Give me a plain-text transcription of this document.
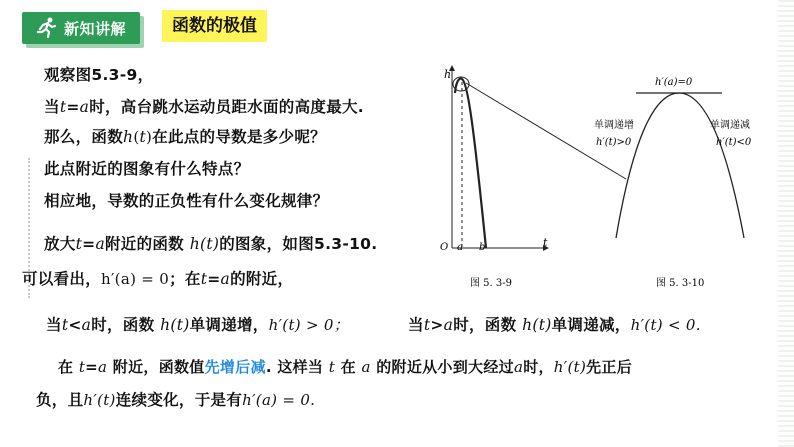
新知讲解	函数的极值
观察图5.3-9，
当t=a时，高台跳水运动员距水面的高度最大.
那么，函数h(t)在此点的导数是多少呢？
此点附近的图象有什么特点？
相应地，导数的正负性有什么变化规律？
放大t=a附近的函数 h(t)的图象，如图5.3-10.
可以看出，h′(a) = 0；在t=a的附近，
当t<a时，函数 h(t)单调递增，h′(t) > 0；	当t>a时，函数 h(t)单调递减，h′(t) < 0.
在 t=a 附近，函数值先增后减. 这样当 t 在 a 的附近从小到大经过a时，h′(t)先正后
负，且h′(t)连续变化，于是有h′(a) = 0.
h
t
O a b
图 5. 3-9
h′(a)=0
单调递增
h′(t)>0
单调递减
h′(t)<0
图 5. 3-10
